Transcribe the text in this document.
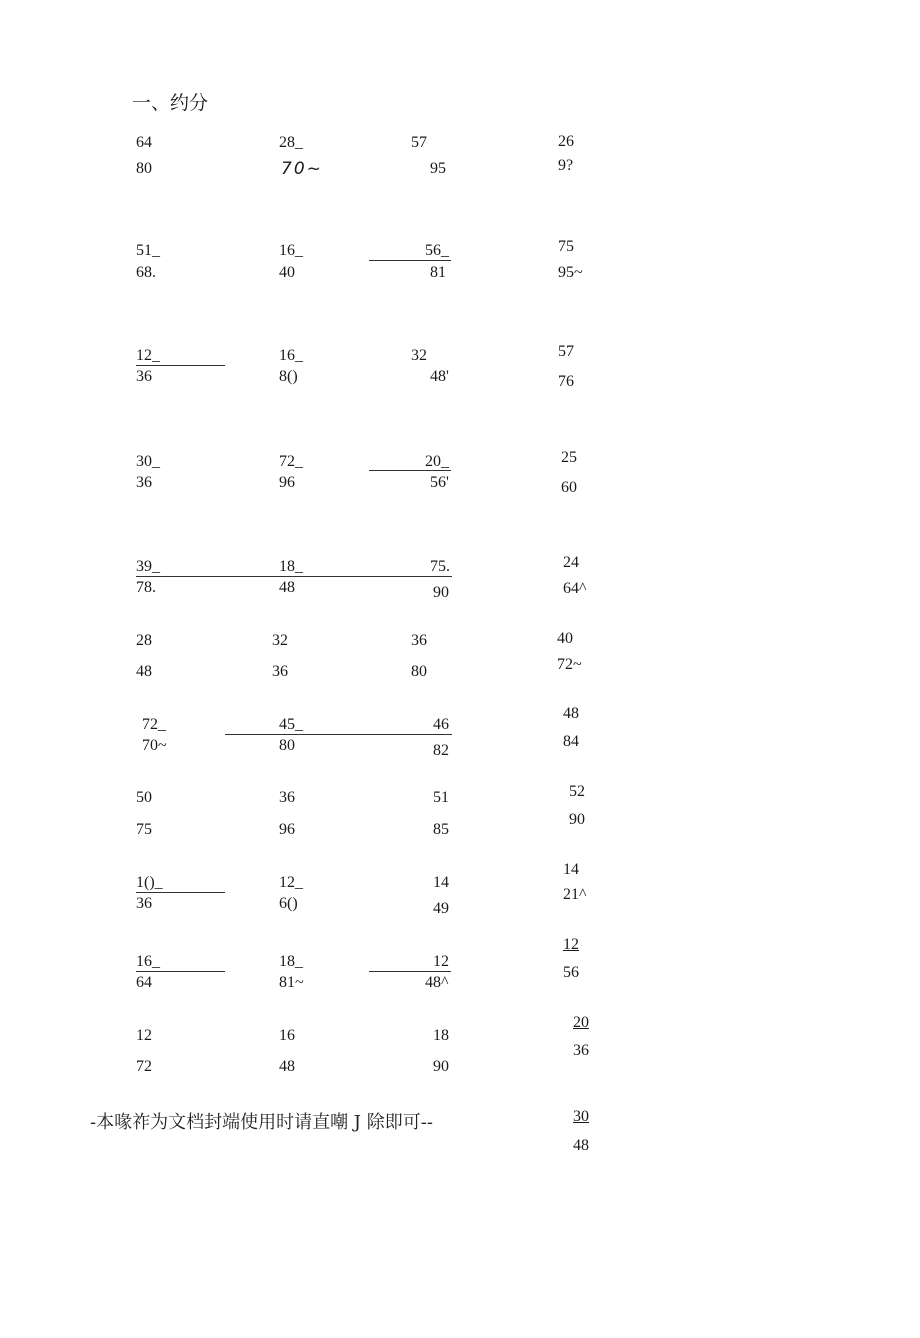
一、约分
64
80
28_
70~
57
95
26
9?
51_
68.
16_
40
56_
81
75
95~
12_
36
16_
8()
32
48'
57
76
30_
36
72_
96
20_
56'
25
60
39_
78.
18_
48
75.
90
24
64^
28
48
32
36
36
80
40
72~
72_
70~
45_
80
46
82
48
84
50
75
36
96
51
85
52
90
1()_
36
12_
6()
14
49
14
21^
16_
64
18_
81~
12
48^
12
56
12
72
16
48
18
90
20
36
30
48
-本喙祚为文档封端使用时请直嘲 J 除即可--
